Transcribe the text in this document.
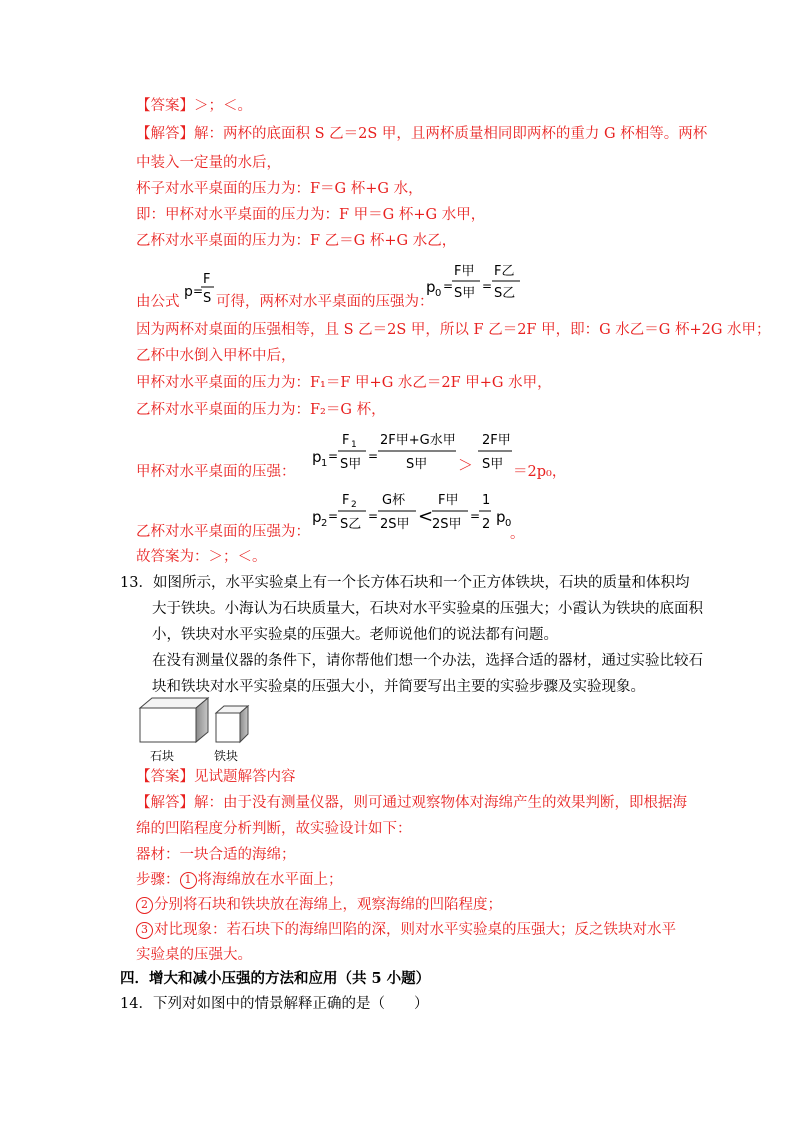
【答案】＞；＜。
【解答】解：两杯的底面积 S 乙＝2S 甲，且两杯质量相同即两杯的重力 G 杯相等。两杯
中装入一定量的水后，
杯子对水平桌面的压力为：F＝G 杯+G 水，
即：甲杯对水平桌面的压力为：F 甲＝G 杯+G 水甲，
乙杯对水平桌面的压力为：F 乙＝G 杯+G 水乙，
由公式
p =
F
S 可得，两杯对水平桌面的压强为：
p 0
=
F甲
S甲 =
F乙
S乙
因为两杯对桌面的压强相等，且 S 乙＝2S 甲，所以 F 乙＝2F 甲，即：G 水乙＝G 杯+2G 水甲；
乙杯中水倒入甲杯中后，
甲杯对水平桌面的压力为：F₁＝F 甲+G 水乙＝2F 甲+G 水甲，
乙杯对水平桌面的压力为：F₂＝G 杯，
甲杯对水平桌面的压强：
p 1
=
F 1
S甲
=
2F甲+G水甲
S甲 ＞
2F甲
S甲 ＝2p₀，
乙杯对水平桌面的压强为：
p 2
=
F 2
S乙
=
G杯
2S甲 <
F甲
2S甲
=
1
2 p 0
。
故答案为：＞；＜。
13．如图所示，水平实验桌上有一个长方体石块和一个正方体铁块，石块的质量和体积均
大于铁块。小海认为石块质量大，石块对水平实验桌的压强大；小霞认为铁块的底面积
小，铁块对水平实验桌的压强大。老师说他们的说法都有问题。
在没有测量仪器的条件下，请你帮他们想一个办法，选择合适的器材，通过实验比较石
块和铁块对水平实验桌的压强大小，并简要写出主要的实验步骤及实验现象。
石块	铁块
【答案】见试题解答内容
【解答】解：由于没有测量仪器，则可通过观察物体对海绵产生的效果判断，即根据海
绵的凹陷程度分析判断，故实验设计如下：
器材：一块合适的海绵；
步骤： 1 将海绵放在水平面上；
2 分别将石块和铁块放在海绵上，观察海绵的凹陷程度；
3 对比现象：若石块下的海绵凹陷的深，则对水平实验桌的压强大；反之铁块对水平
实验桌的压强大。
四．增大和减小压强的方法和应用（共 5 小题）
14．下列对如图中的情景解释正确的是（　　）
